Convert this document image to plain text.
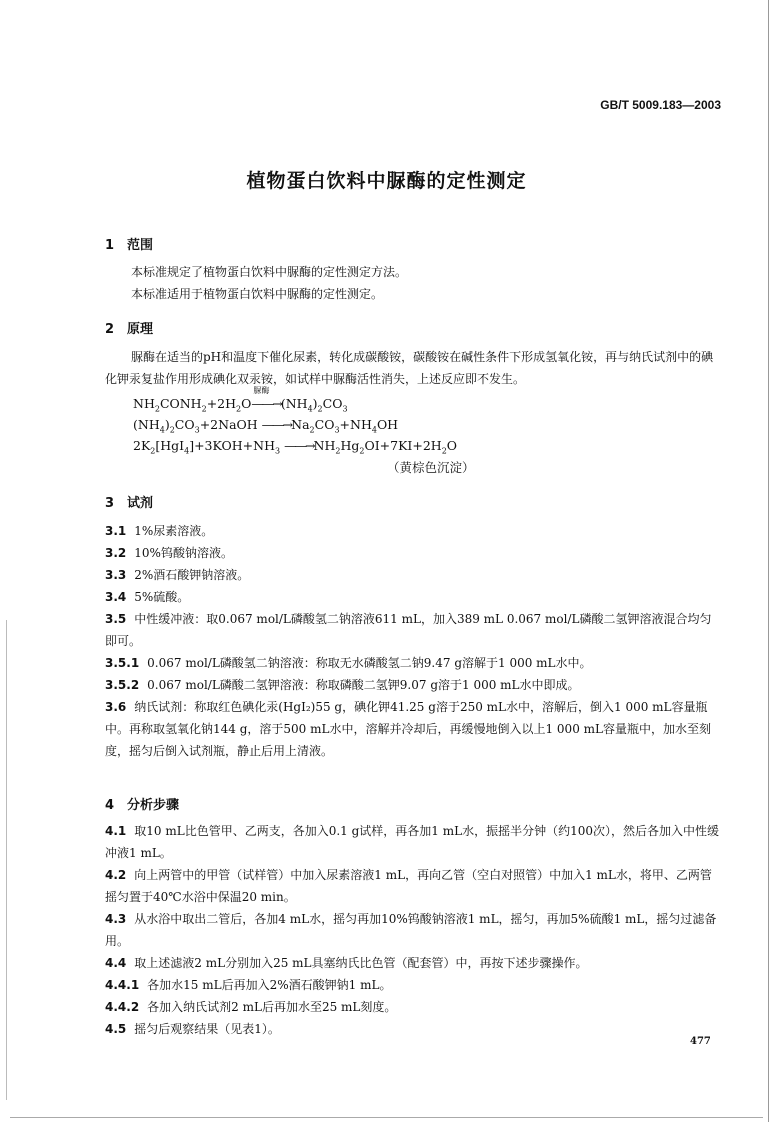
GB/T 5009.183—2003
植物蛋白饮料中脲酶的定性测定
1 范围
本标准规定了植物蛋白饮料中脲酶的定性测定方法。
本标准适用于植物蛋白饮料中脲酶的定性测定。
2 原理
脲酶在适当的pH和温度下催化尿素，转化成碳酸铵，碳酸铵在碱性条件下形成氢氧化铵，再与纳氏试剂中的碘化钾汞复盐作用形成碘化双汞铵，如试样中脲酶活性消失，上述反应即不发生。
$NH_2CONH_2+2H_2O$
脲酶
$——\to(NH_4)_2CO_3$
$(NH_4)_2CO_3+2NaOH$ $——\to Na_2CO_3+NH_4OH$
$2K_2[HgI_4]+3KOH+NH_3$ $——\to NH_2Hg_2OI+7KI+2H_2O$
（黄棕色沉淀）
3 试剂
3.1 1%尿素溶液。
3.2 10%钨酸钠溶液。
3.3 2%酒石酸钾钠溶液。
3.4 5%硫酸。
3.5 中性缓冲液：取0.067 mol/L磷酸氢二钠溶液611 mL，加入389 mL 0.067 mol/L磷酸二氢钾溶液混合均匀即可。
3.5.1 0.067 mol/L磷酸氢二钠溶液：称取无水磷酸氢二钠9.47 g溶解于1 000 mL水中。
3.5.2 0.067 mol/L磷酸二氢钾溶液：称取磷酸二氢钾9.07 g溶于1 000 mL水中即成。
3.6 纳氏试剂：称取红色碘化汞(HgI₂)55 g，碘化钾41.25 g溶于250 mL水中，溶解后，倒入1 000 mL容量瓶中。再称取氢氧化钠144 g，溶于500 mL水中，溶解并冷却后，再缓慢地倒入以上1 000 mL容量瓶中，加水至刻度，摇匀后倒入试剂瓶，静止后用上清液。
4 分析步骤
4.1 取10 mL比色管甲、乙两支，各加入0.1 g试样，再各加1 mL水，振摇半分钟（约100次），然后各加入中性缓冲液1 mL。
4.2 向上两管中的甲管（试样管）中加入尿素溶液1 mL，再向乙管（空白对照管）中加入1 mL水，将甲、乙两管摇匀置于40℃水浴中保温20 min。
4.3 从水浴中取出二管后，各加4 mL水，摇匀再加10%钨酸钠溶液1 mL，摇匀，再加5%硫酸1 mL，摇匀过滤备用。
4.4 取上述滤液2 mL分别加入25 mL具塞纳氏比色管（配套管）中，再按下述步骤操作。
4.4.1 各加水15 mL后再加入2%酒石酸钾钠1 mL。
4.4.2 各加入纳氏试剂2 mL后再加水至25 mL刻度。
4.5 摇匀后观察结果（见表1）。
477
